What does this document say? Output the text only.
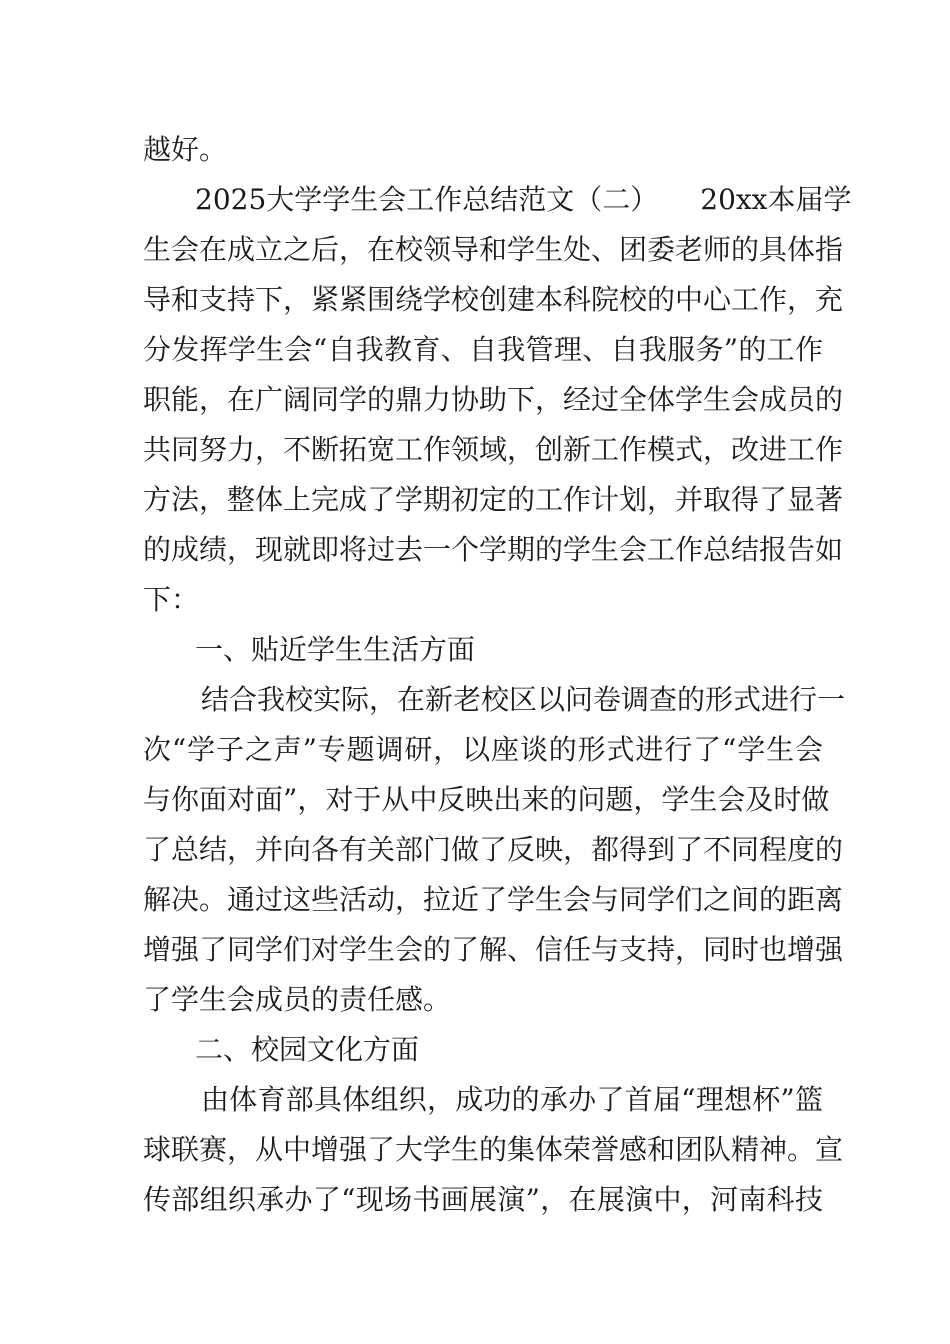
越好。
2025大学学生会工作总结范文（二）　　20xx本届学
生会在成立之后，在校领导和学生处、团委老师的具体指
导和支持下，紧紧围绕学校创建本科院校的中心工作，充
分发挥学生会“自我教育、自我管理、自我服务”的工作
职能，在广阔同学的鼎力协助下，经过全体学生会成员的
共同努力，不断拓宽工作领域，创新工作模式，改进工作
方法，整体上完成了学期初定的工作计划，并取得了显著
的成绩，现就即将过去一个学期的学生会工作总结报告如
下：
一、贴近学生生活方面
结合我校实际，在新老校区以问卷调查的形式进行一
次“学子之声”专题调研，以座谈的形式进行了“学生会
与你面对面”，对于从中反映出来的问题，学生会及时做
了总结，并向各有关部门做了反映，都得到了不同程度的
解决。通过这些活动，拉近了学生会与同学们之间的距离
增强了同学们对学生会的了解、信任与支持，同时也增强
了学生会成员的责任感。
二、校园文化方面
由体育部具体组织，成功的承办了首届“理想杯”篮
球联赛，从中增强了大学生的集体荣誉感和团队精神。宣
传部组织承办了“现场书画展演”，在展演中，河南科技
